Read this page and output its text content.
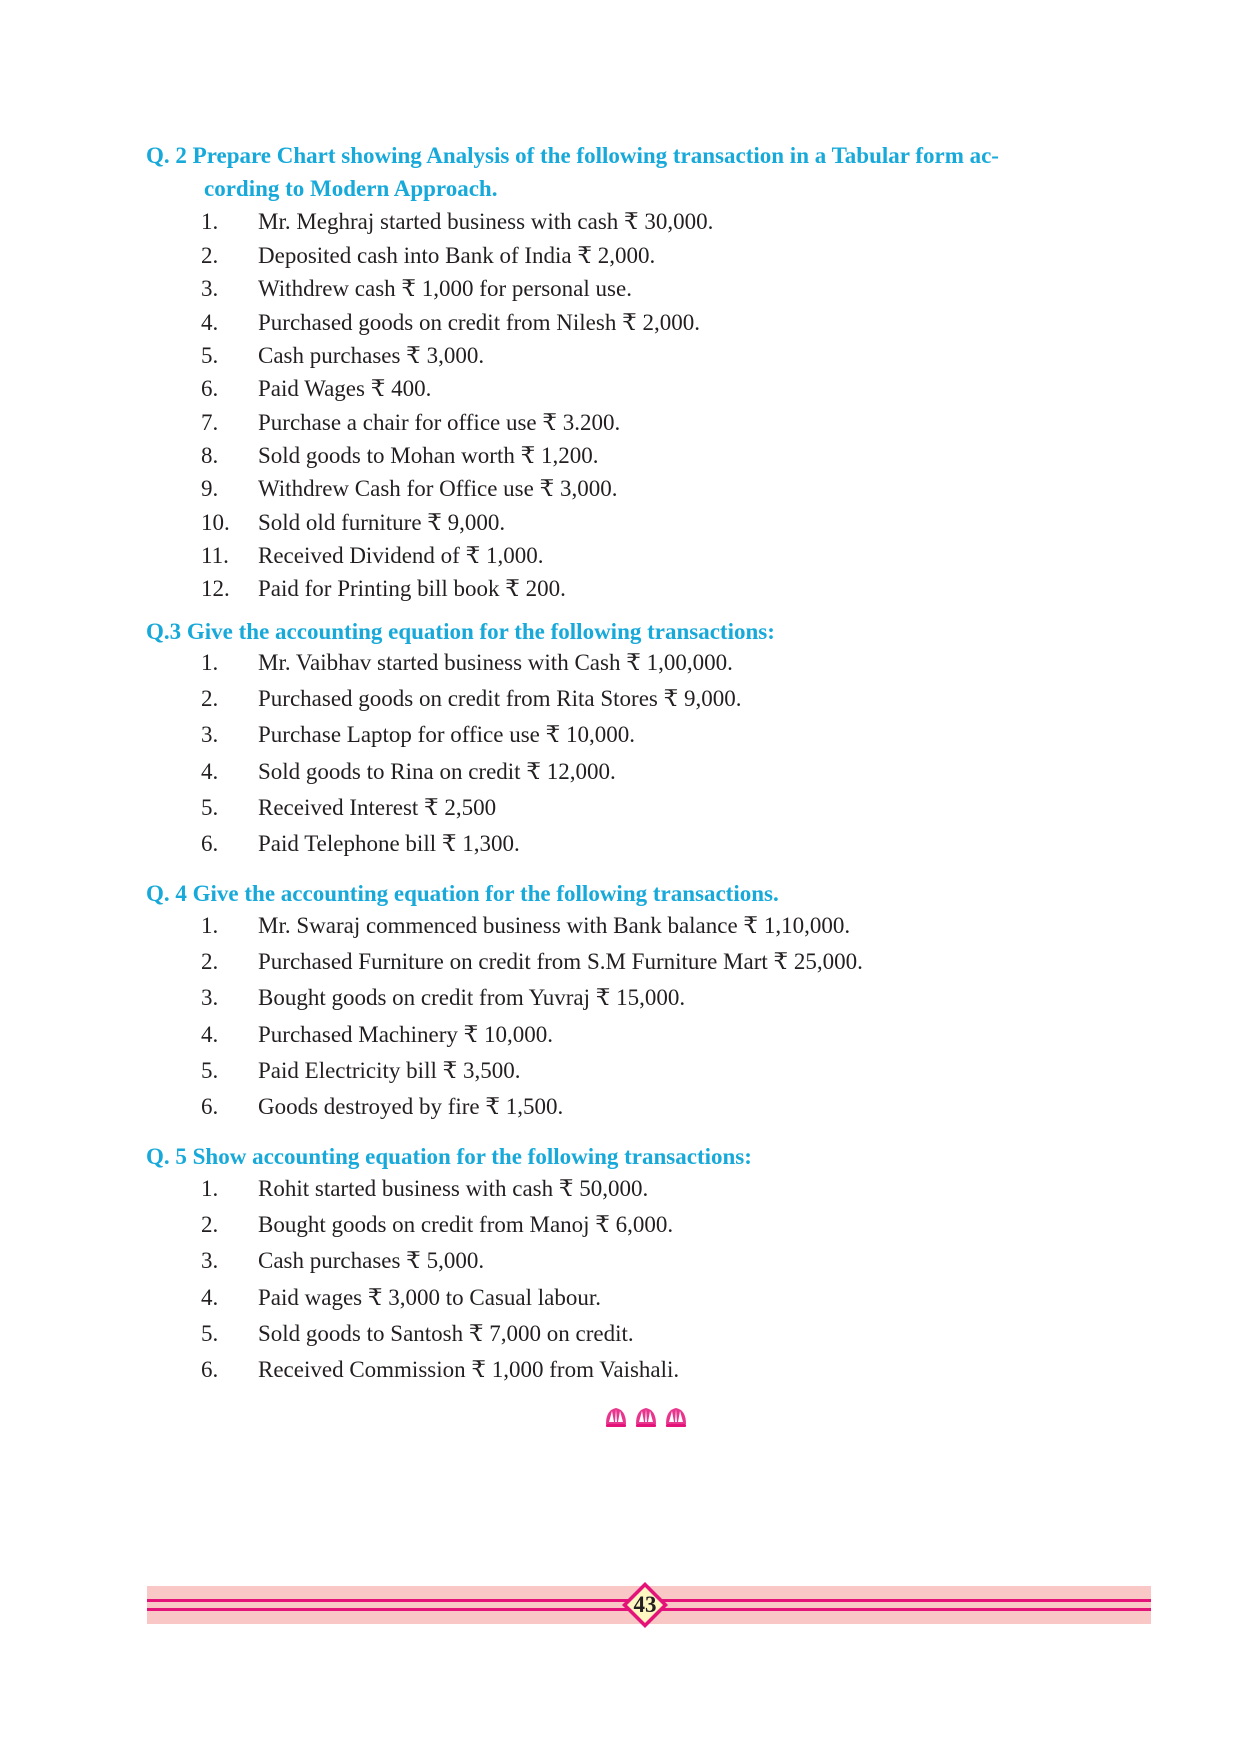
Q. 2 Prepare Chart showing Analysis of the following transaction in a Tabular form ac-
cording to Modern Approach.
1. Mr. Meghraj started business with cash ₹ 30,000.
2. Deposited cash into Bank of India ₹ 2,000.
3. Withdrew cash ₹ 1,000 for personal use.
4. Purchased goods on credit from Nilesh ₹ 2,000.
5. Cash purchases ₹ 3,000.
6. Paid Wages ₹ 400.
7. Purchase a chair for office use ₹ 3.200.
8. Sold goods to Mohan worth ₹ 1,200.
9. Withdrew Cash for Office use ₹ 3,000.
10. Sold old furniture ₹ 9,000.
11. Received Dividend of ₹ 1,000.
12. Paid for Printing bill book ₹ 200.
Q.3 Give the accounting equation for the following transactions:
1. Mr. Vaibhav started business with Cash ₹ 1,00,000.
2. Purchased goods on credit from Rita Stores ₹ 9,000.
3. Purchase Laptop for office use ₹ 10,000.
4. Sold goods to Rina on credit ₹ 12,000.
5. Received Interest ₹ 2,500
6. Paid Telephone bill ₹ 1,300.
Q. 4 Give the accounting equation for the following transactions.
1. Mr. Swaraj commenced business with Bank balance ₹ 1,10,000.
2. Purchased Furniture on credit from S.M Furniture Mart ₹ 25,000.
3. Bought goods on credit from Yuvraj ₹ 15,000.
4. Purchased Machinery ₹ 10,000.
5. Paid Electricity bill ₹ 3,500.
6. Goods destroyed by fire ₹ 1,500.
Q. 5 Show accounting equation for the following transactions:
1. Rohit started business with cash ₹ 50,000.
2. Bought goods on credit from Manoj ₹ 6,000.
3. Cash purchases ₹ 5,000.
4. Paid wages ₹ 3,000 to Casual labour.
5. Sold goods to Santosh ₹ 7,000 on credit.
6. Received Commission ₹ 1,000 from Vaishali.
43
